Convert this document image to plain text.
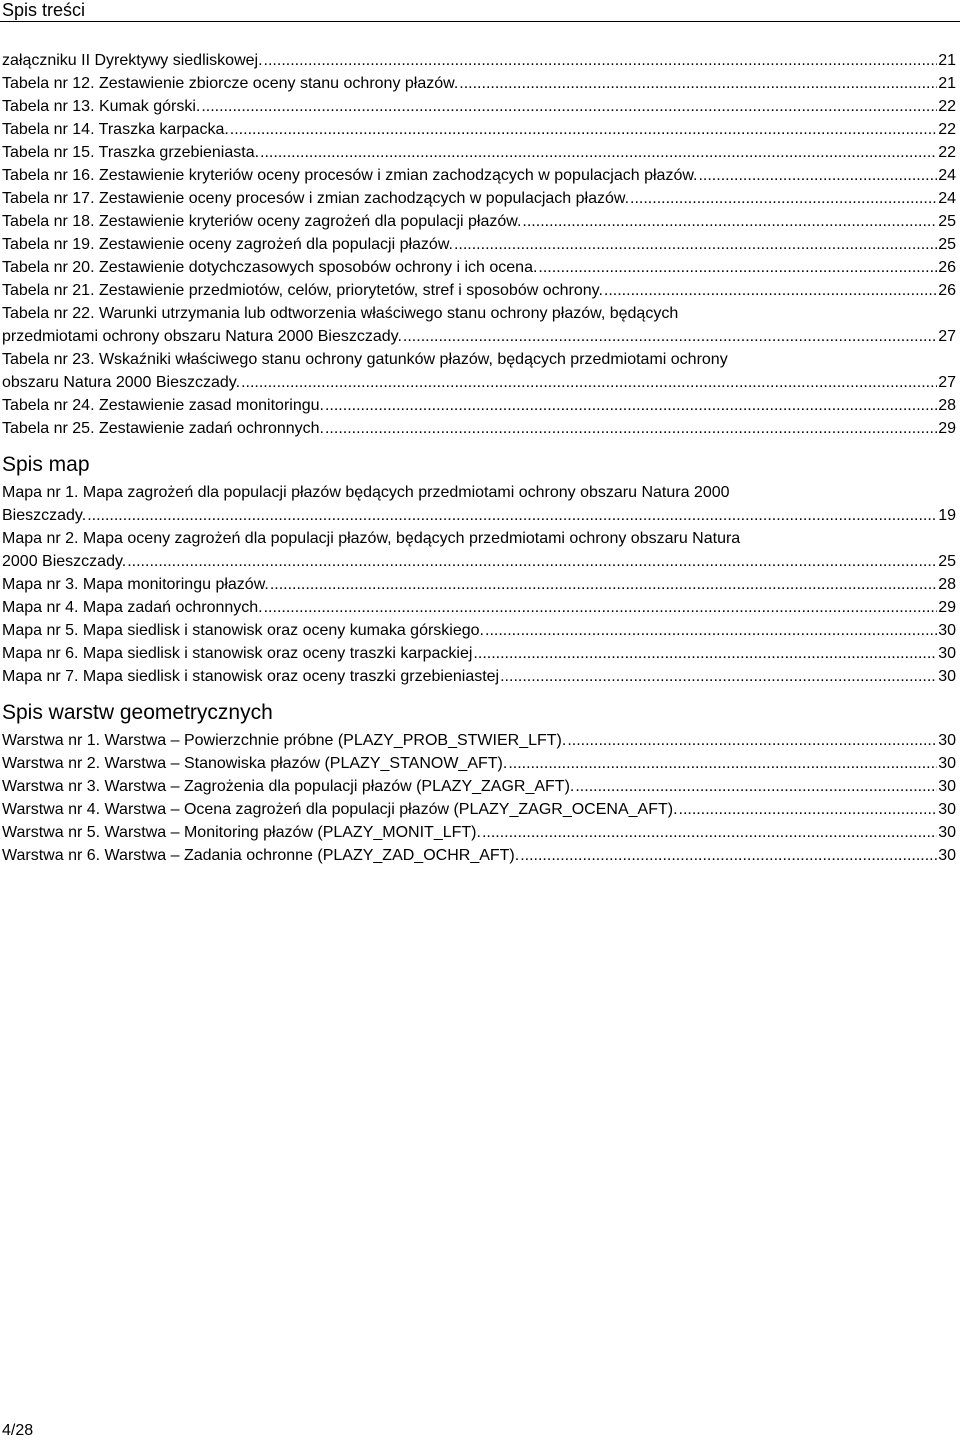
Spis treści
załączniku II Dyrektywy siedliskowej. .....	21
Tabela nr 12. Zestawienie zbiorcze oceny stanu ochrony płazów. .....	21
Tabela nr 13. Kumak górski. .....	22
Tabela nr 14. Traszka karpacka. .....	22
Tabela nr 15. Traszka grzebieniasta. .....	22
Tabela nr 16. Zestawienie kryteriów oceny procesów i zmian zachodzących w populacjach płazów. .....	24
Tabela nr 17. Zestawienie oceny procesów i zmian zachodzących w populacjach płazów. .....	24
Tabela nr 18. Zestawienie kryteriów oceny zagrożeń dla populacji płazów. .....	25
Tabela nr 19. Zestawienie oceny zagrożeń dla populacji płazów. .....	25
Tabela nr 20. Zestawienie dotychczasowych sposobów ochrony i ich ocena. .....	26
Tabela nr 21. Zestawienie przedmiotów, celów, priorytetów, stref i sposobów ochrony. .....	26
Tabela nr 22. Warunki utrzymania lub odtworzenia właściwego stanu ochrony płazów, będących
przedmiotami ochrony obszaru Natura 2000 Bieszczady. .....	27
Tabela nr 23. Wskaźniki właściwego stanu ochrony gatunków płazów, będących przedmiotami ochrony
obszaru Natura 2000 Bieszczady. .....	27
Tabela nr 24. Zestawienie zasad monitoringu. .....	28
Tabela nr 25. Zestawienie zadań ochronnych. .....	29
Spis map
Mapa nr 1. Mapa zagrożeń dla populacji płazów będących przedmiotami ochrony obszaru Natura 2000
Bieszczady. .....	19
Mapa nr 2. Mapa oceny zagrożeń dla populacji płazów, będących przedmiotami ochrony obszaru Natura
2000 Bieszczady. .....	25
Mapa nr 3. Mapa monitoringu płazów. .....	28
Mapa nr 4. Mapa zadań ochronnych. .....	29
Mapa nr 5. Mapa siedlisk i stanowisk oraz oceny kumaka górskiego. .....	30
Mapa nr 6. Mapa siedlisk i stanowisk oraz oceny traszki karpackiej .....	30
Mapa nr 7. Mapa siedlisk i stanowisk oraz oceny traszki grzebieniastej .....	30
Spis warstw geometrycznych
Warstwa nr 1. Warstwa – Powierzchnie próbne (PLAZY_PROB_STWIER_LFT). .....	30
Warstwa nr 2. Warstwa – Stanowiska płazów (PLAZY_STANOW_AFT). .....	30
Warstwa nr 3. Warstwa – Zagrożenia dla populacji płazów (PLAZY_ZAGR_AFT). .....	30
Warstwa nr 4. Warstwa – Ocena zagrożeń dla populacji płazów (PLAZY_ZAGR_OCENA_AFT). .....	30
Warstwa nr 5. Warstwa – Monitoring płazów (PLAZY_MONIT_LFT). .....	30
Warstwa nr 6. Warstwa – Zadania ochronne (PLAZY_ZAD_OCHR_AFT). .....	30
4/28
